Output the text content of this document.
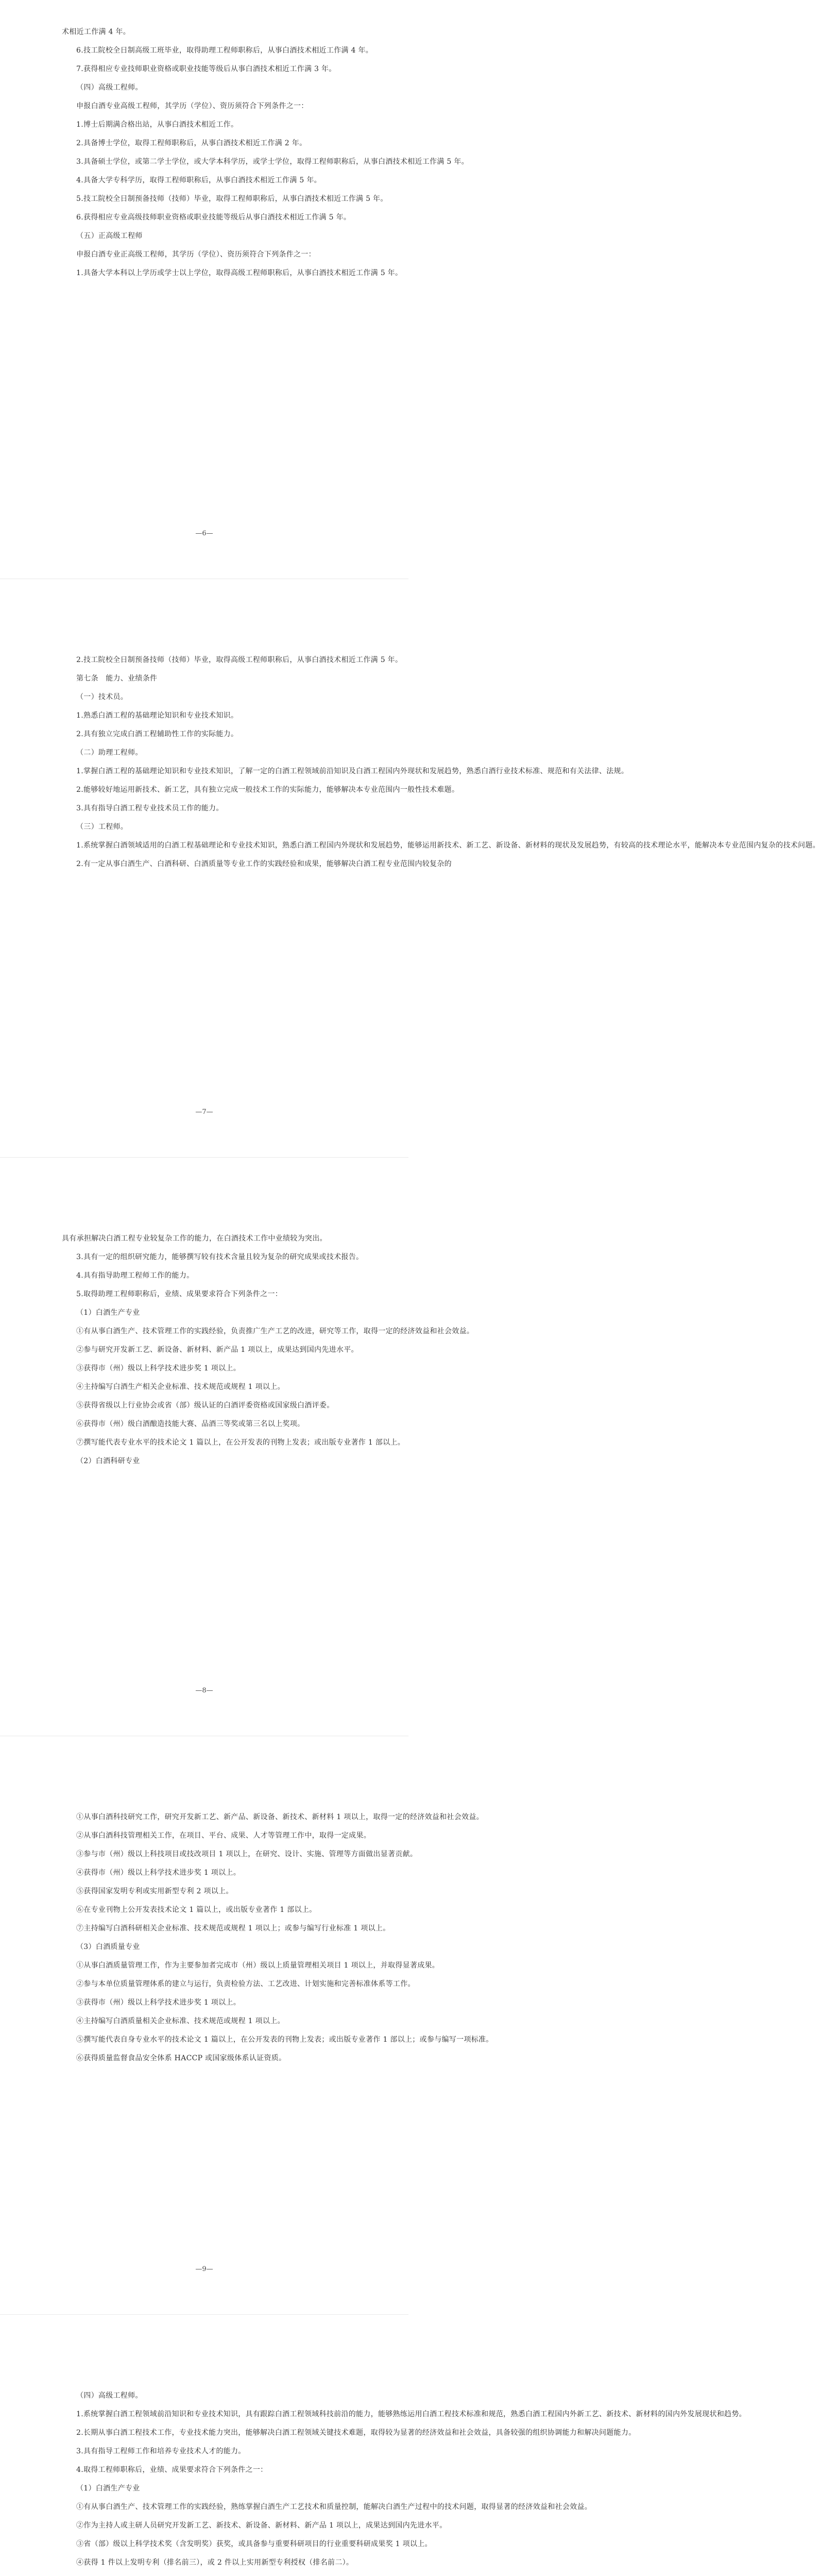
术相近工作满 4 年。

6.技工院校全日制高级工班毕业，取得助理工程师职称后，从事白酒技术相近工作满 4 年。

7.获得相应专业技师职业资格或职业技能等级后从事白酒技术相近工作满 3 年。

（四）高级工程师。

申报白酒专业高级工程师，其学历（学位）、资历须符合下列条件之一：

1.博士后期满合格出站，从事白酒技术相近工作。

2.具备博士学位，取得工程师职称后，从事白酒技术相近工作满 2 年。

3.具备硕士学位，或第二学士学位，或大学本科学历，或学士学位，取得工程师职称后，从事白酒技术相近工作满 5 年。

4.具备大学专科学历，取得工程师职称后，从事白酒技术相近工作满 5 年。

5.技工院校全日制预备技师（技师）毕业，取得工程师职称后，从事白酒技术相近工作满 5 年。

6.获得相应专业高级技师职业资格或职业技能等级后从事白酒技术相近工作满 5 年。

（五）正高级工程师

申报白酒专业正高级工程师，其学历（学位）、资历须符合下列条件之一：

1.具备大学本科以上学历或学士以上学位，取得高级工程师职称后，从事白酒技术相近工作满 5 年。

—6—

2.技工院校全日制预备技师（技师）毕业，取得高级工程师职称后，从事白酒技术相近工作满 5 年。

第七条　能力、业绩条件

（一）技术员。

1.熟悉白酒工程的基础理论知识和专业技术知识。

2.具有独立完成白酒工程辅助性工作的实际能力。

（二）助理工程师。

1.掌握白酒工程的基础理论知识和专业技术知识，了解一定的白酒工程领域前沿知识及白酒工程国内外现状和发展趋势，熟悉白酒行业技术标准、规范和有关法律、法规。

2.能够较好地运用新技术、新工艺，具有独立完成一般技术工作的实际能力，能够解决本专业范围内一般性技术难题。

3.具有指导白酒工程专业技术员工作的能力。

（三）工程师。

1.系统掌握白酒领域适用的白酒工程基础理论和专业技术知识，熟悉白酒工程国内外现状和发展趋势，能够运用新技术、新工艺、新设备、新材料的现状及发展趋势，有较高的技术理论水平，能解决本专业范围内复杂的技术问题。

2.有一定从事白酒生产、白酒科研、白酒质量等专业工作的实践经验和成果，能够解决白酒工程专业范围内较复杂的

—7—

具有承担解决白酒工程专业较复杂工作的能力，在白酒技术工作中业绩较为突出。

3.具有一定的组织研究能力，能够撰写较有技术含量且较为复杂的研究成果或技术报告。

4.具有指导助理工程师工作的能力。

5.取得助理工程师职称后，业绩、成果要求符合下列条件之一：

（1）白酒生产专业

①有从事白酒生产、技术管理工作的实践经验，负责推广生产工艺的改进，研究等工作，取得一定的经济效益和社会效益。

②参与研究开发新工艺、新设备、新材料、新产品 1 项以上，成果达到国内先进水平。

③获得市（州）级以上科学技术进步奖 1 项以上。

④主持编写白酒生产相关企业标准、技术规范或规程 1 项以上。

⑤获得省级以上行业协会或省（部）级认证的白酒评委资格或国家级白酒评委。

⑥获得市（州）级白酒酿造技能大赛、品酒三等奖或第三名以上奖项。

⑦撰写能代表专业水平的技术论文 1 篇以上，在公开发表的刊物上发表；或出版专业著作 1 部以上。

（2）白酒科研专业

—8—

①从事白酒科技研究工作，研究开发新工艺、新产品、新设备、新技术、新材料 1 项以上，取得一定的经济效益和社会效益。

②从事白酒科技管理相关工作，在项目、平台、成果、人才等管理工作中，取得一定成果。

③参与市（州）级以上科技项目或技改项目 1 项以上，在研究、设计、实施、管理等方面做出显著贡献。

④获得市（州）级以上科学技术进步奖 1 项以上。

⑤获得国家发明专利或实用新型专利 2 项以上。

⑥在专业刊物上公开发表技术论文 1 篇以上，或出版专业著作 1 部以上。

⑦主持编写白酒科研相关企业标准、技术规范或规程 1 项以上；或参与编写行业标准 1 项以上。

（3）白酒质量专业

①从事白酒质量管理工作，作为主要参加者完成市（州）级以上质量管理相关项目 1 项以上，并取得显著成果。

②参与本单位质量管理体系的建立与运行，负责检验方法、工艺改进、计划实施和完善标准体系等工作。

③获得市（州）级以上科学技术进步奖 1 项以上。

④主持编写白酒质量相关企业标准、技术规范或规程 1 项以上。

⑤撰写能代表自身专业水平的技术论文 1 篇以上，在公开发表的刊物上发表；或出版专业著作 1 部以上；或参与编写一项标准。

⑥获得质量监督食品安全体系 HACCP 或国家级体系认证资质。

—9—

（四）高级工程师。

1.系统掌握白酒工程领域前沿知识和专业技术知识，具有跟踪白酒工程领域科技前沿的能力，能够熟练运用白酒工程技术标准和规范，熟悉白酒工程国内外新工艺、新技术、新材料的国内外发展现状和趋势。

2.长期从事白酒工程技术工作，专业技术能力突出，能够解决白酒工程领域关键技术难题，取得较为显著的经济效益和社会效益，具备较强的组织协调能力和解决问题能力。

3.具有指导工程师工作和培养专业技术人才的能力。

4.取得工程师职称后，业绩、成果要求符合下列条件之一：

（1）白酒生产专业

①有从事白酒生产、技术管理工作的实践经验，熟练掌握白酒生产工艺技术和质量控制，能解决白酒生产过程中的技术问题，取得显著的经济效益和社会效益。

②作为主持人或主研人员研究开发新工艺、新技术、新设备、新材料、新产品 1 项以上，成果达到国内先进水平。

③省（部）级以上科学技术奖（含发明奖）获奖，或具备参与重要科研项目的行业重要科研成果奖 1 项以上。

④获得 1 件以上发明专利（排名前三），或 2 件以上实用新型专利授权（排名前二）。
